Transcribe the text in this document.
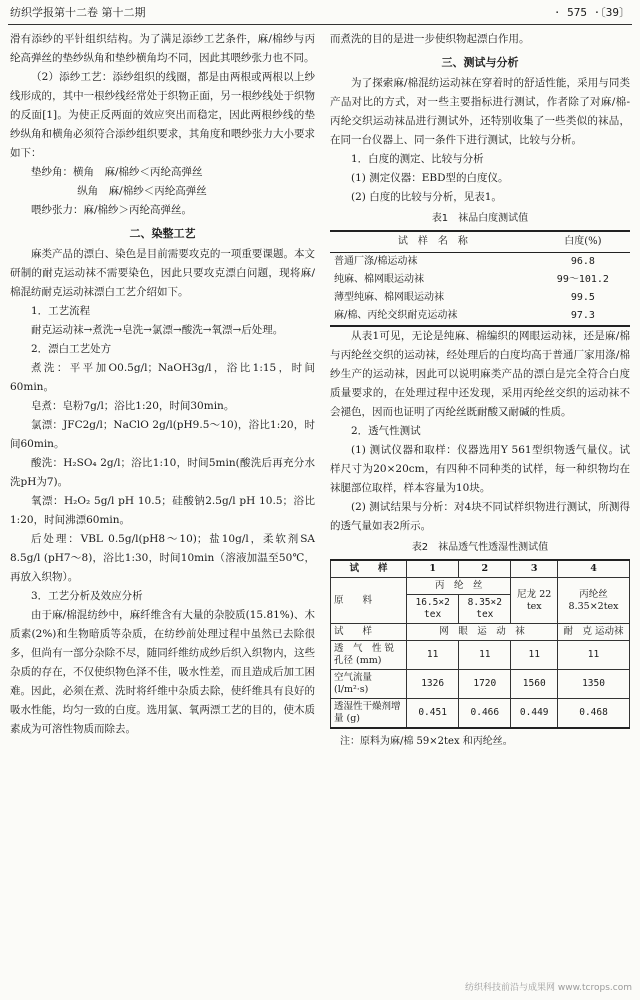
纺织学报第十二卷 第十二期	· 575 ·〔39〕

滑有添纱的平针组织结构。为了满足添纱工艺条件，麻/棉纱与丙纶高弹丝的垫纱纵角和垫纱横角均不同，因此其喂纱张力也不同。

（2）添纱工艺：添纱组织的线圈，都是由两根或两根以上纱线形成的，其中一根纱线经常处于织物正面，另一根纱线处于织物的反面[1]。为使正反两面的效应突出而稳定，因此两根纱线的垫纱纵角和横角必须符合添纱组织要求，其角度和喂纱张力大小要求如下：

垫纱角：横角　麻/棉纱＜丙纶高弹丝

纵角　麻/棉纱＜丙纶高弹丝

喂纱张力：麻/棉纱＞丙纶高弹丝。

二、染整工艺

麻类产品的漂白、染色是目前需要攻克的一项重要课题。本文研制的耐克运动袜不需要染色，因此只要攻克漂白问题，现将麻/棉混纺耐克运动袜漂白工艺介绍如下。

1．工艺流程

耐克运动袜→煮洗→皂洗→氯漂→酸洗→氧漂→后处理。

2．漂白工艺处方

煮洗：平平加O0.5g/l；NaOH3g/l，浴比1:15，时间60min。

皂煮：皂粉7g/l；浴比1:20，时间30min。

氯漂：JFC2g/l；NaClO 2g/l(pH9.5～10)，浴比1:20，时间60min。

酸洗：H₂SO₄ 2g/l；浴比1:10，时间5min(酸洗后再充分水洗pH为7)。

氧漂：H₂O₂ 5g/l pH 10.5；硅酸钠2.5g/l pH 10.5；浴比1:20，时间沸漂60min。

后处理：VBL 0.5g/l(pH8～10)；盐10g/l，柔软剂SA 8.5g/l (pH7～8)，浴比1:30，时间10min（溶液加温至50℃，再放入织物）。

3．工艺分析及效应分析

由于麻/棉混纺纱中，麻纤维含有大量的杂胶质(15.81%)、木质素(2%)和生物暗质等杂质，在纺纱前处理过程中虽然已去除很多，但尚有一部分杂除不尽，随同纤维纺成纱后织入织物内，这些杂质的存在，不仅使织物色泽不佳，吸水性差，而且造成后加工困难。因此，必须在煮、洗时将纤维中杂质去除，使纤维具有良好的吸水性能，均匀一致的白度。选用氯、氧两漂工艺的目的，使木质素成为可溶性物质而除去。

而煮洗的目的是进一步使织物起漂白作用。

三、测试与分析

为了探索麻/棉混纺运动袜在穿着时的舒适性能，采用与同类产品对比的方式，对一些主要指标进行测试，作者除了对麻/棉-丙纶交织运动袜品进行测试外，还特别收集了一些类似的袜品，在同一台仪器上、同一条件下进行测试，比较与分析。

1．白度的测定、比较与分析

(1) 测定仪器：EBD型的白度仪。

(2) 白度的比较与分析，见表1。

表1　袜品白度测试值
试　样　名　称	白度(%)
普通厂涤/棉运动袜	96.8
纯麻、棉网眼运动袜	99～101.2
薄型纯麻、棉网眼运动袜	99.5
麻/棉、丙纶交织耐克运动袜	97.3

从表1可见，无论是纯麻、棉编织的网眼运动袜，还是麻/棉与丙纶丝交织的运动袜，经处理后的白度均高于普通厂家用涤/棉纱生产的运动袜，因此可以说明麻类产品的漂白是完全符合白度质量要求的，在处理过程中还发现，采用丙纶丝交织的运动袜不会褪色，因而也证明了丙纶丝既耐酸又耐碱的性质。

2．透气性测试

(1) 测试仪器和取样：仪器选用Y 561型织物透气量仪。试样尺寸为20×20cm，有四种不同种类的试样，每一种织物均在袜腿部位取样，样本容量为10块。

(2) 测试结果与分析：对4块不同试样织物进行测试，所测得的透气量如表2所示。

表2　袜品透气性透湿性测试值
试　　样	1	2	3	4
原　　料	丙　纶　丝		尼龙 22 tex	丙纶丝 8.35×2tex
	16.5×2 tex	8.35×2 tex		
试　　样	网　眼　运　动　袜			耐　克 运动袜
透　气　性 锐孔径 (mm)	11	11	11	11
空气流量 (l/m²·s)	1326	1720	1560	1350
透湿性干燥剂增量 (g)	0.451	0.466	0.449	0.468
注：原料为麻/棉 59×2tex 和丙纶丝。
纺织科技前沿与成果网 www.tcrops.com
